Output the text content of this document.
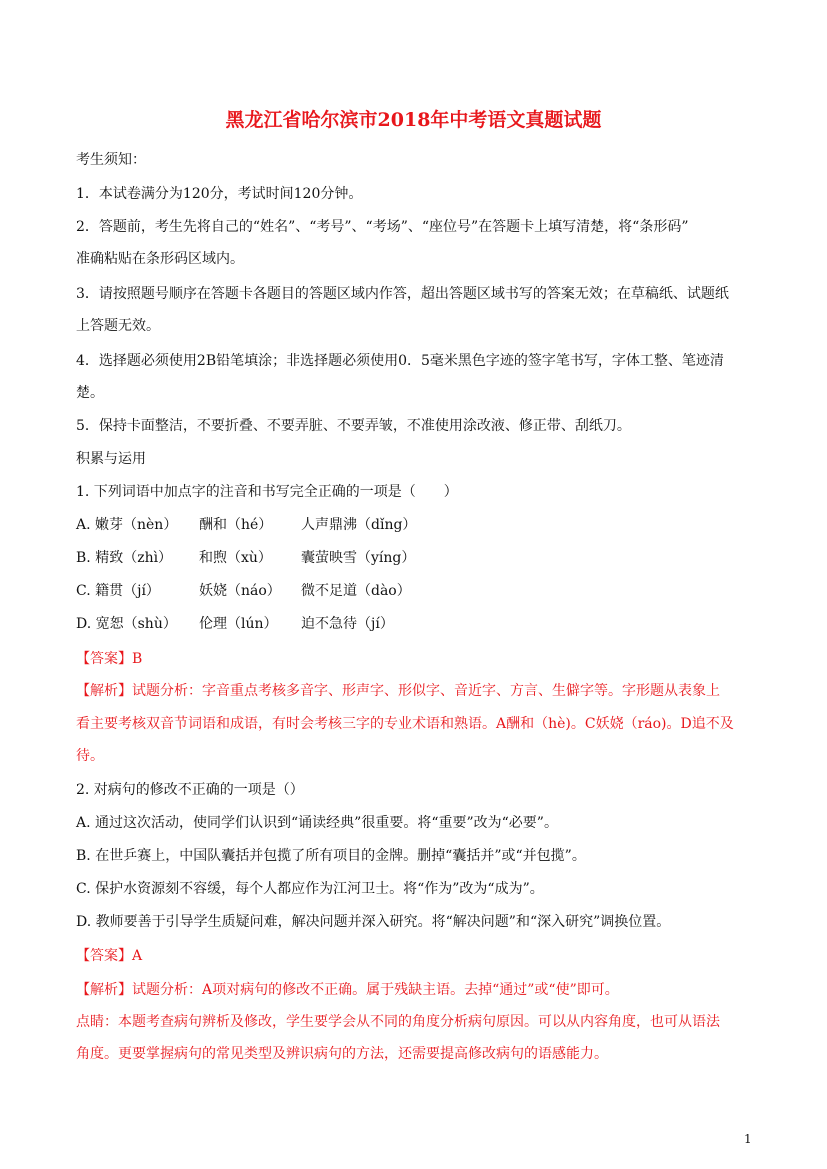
黑龙江省哈尔滨市2018年中考语文真题试题
考生须知：
1．本试卷满分为120分，考试时间120分钟。
2．答题前，考生先将自己的“姓名”、“考号”、“考场”、“座位号”在答题卡上填写清楚，将“条形码”
准确粘贴在条形码区域内。
3．请按照题号顺序在答题卡各题目的答题区域内作答，超出答题区域书写的答案无效；在草稿纸、试题纸
上答题无效。
4．选择题必须使用2B铅笔填涂；非选择题必须使用0．5毫米黑色字迹的签字笔书写，字体工整、笔迹清
楚。
5．保持卡面整洁，不要折叠、不要弄脏、不要弄皱，不准使用涂改液、修正带、刮纸刀。
积累与运用
1. 下列词语中加点字的注音和书写完全正确的一项是（　　）
A. 嫩芽（nèn） 酬和（hé） 人声鼎沸（dǐng）
B. 精致（zhì） 和煦（xù） 囊萤映雪（yíng）
C. 籍贯（jí）	妖娆（náo） 微不足道（dào）
D. 宽恕（shù） 伦理（lún） 迫不急待（jí）
【答案】B
【解析】试题分析：字音重点考核多音字、形声字、形似字、音近字、方言、生僻字等。字形题从表象上
看主要考核双音节词语和成语，有时会考核三字的专业术语和熟语。A酬和（hè)。C妖娆（ráo)。D追不及
待。
2. 对病句的修改不正确的一项是（）
A. 通过这次活动，使同学们认识到“诵读经典”很重要。将“重要”改为“必要”。
B. 在世乒赛上，中国队囊括并包揽了所有项目的金牌。删掉“囊括并”或“并包揽”。
C. 保护水资源刻不容缓，每个人都应作为江河卫士。将“作为”改为“成为”。
D. 教师要善于引导学生质疑问难，解决问题并深入研究。将“解决问题”和“深入研究”调换位置。
【答案】A
【解析】试题分析：A项对病句的修改不正确。属于残缺主语。去掉“通过”或“使”即可。
点睛：本题考查病句辨析及修改，学生要学会从不同的角度分析病句原因。可以从内容角度，也可从语法
角度。更要掌握病句的常见类型及辨识病句的方法，还需要提高修改病句的语感能力。
1
